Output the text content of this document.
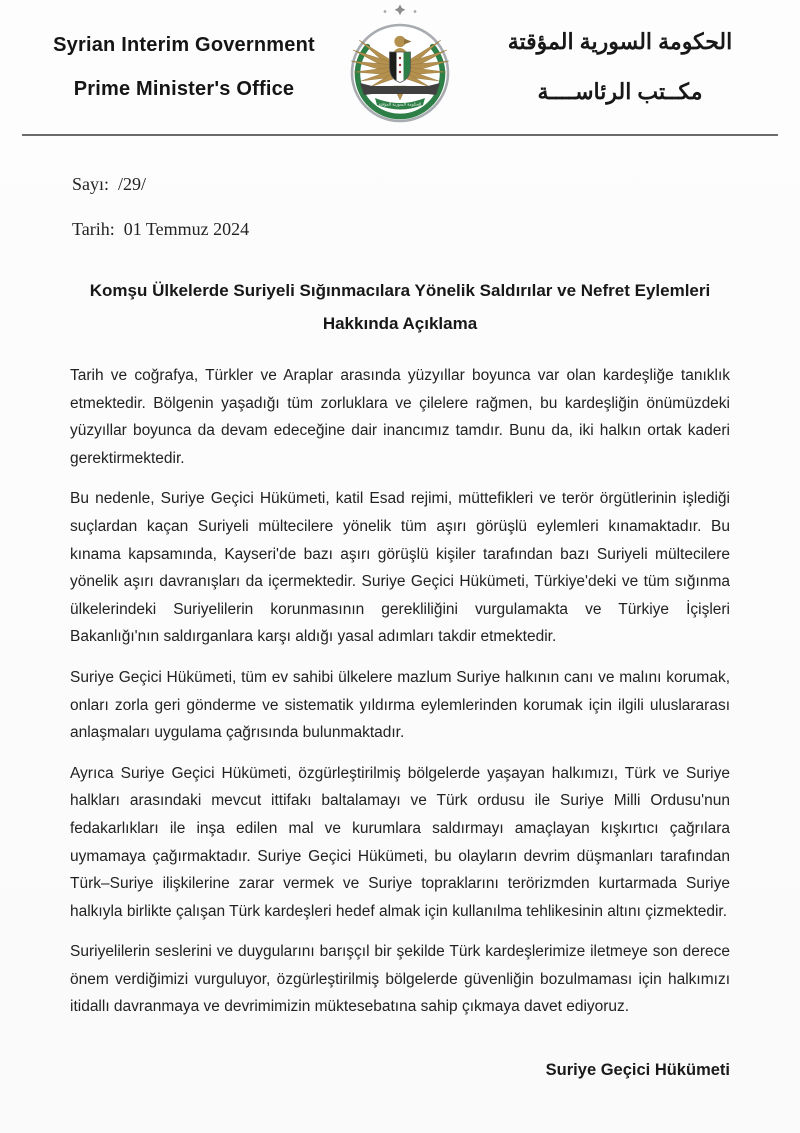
Syrian Interim Government
Prime Minister's Office
الحكومة السورية المؤقتة
الحكومة السورية المؤقتة
مكــتب الرئاســــة
Sayı: /29/
Tarih: 01 Temmuz 2024
Komşu Ülkelerde Suriyeli Sığınmacılara Yönelik Saldırılar ve Nefret Eylemleri
Hakkında Açıklama

Tarih ve coğrafya, Türkler ve Araplar arasında yüzyıllar boyunca var olan kardeşliğe tanıklık etmektedir. Bölgenin yaşadığı tüm zorluklara ve çilelere rağmen, bu kardeşliğin önümüzdeki yüzyıllar boyunca da devam edeceğine dair inancımız tamdır. Bunu da, iki halkın ortak kaderi gerektirmektedir.

Bu nedenle, Suriye Geçici Hükümeti, katil Esad rejimi, müttefikleri ve terör örgütlerinin işlediği suçlardan kaçan Suriyeli mültecilere yönelik tüm aşırı görüşlü eylemleri kınamaktadır. Bu kınama kapsamında, Kayseri'de bazı aşırı görüşlü kişiler tarafından bazı Suriyeli mültecilere yönelik aşırı davranışları da içermektedir. Suriye Geçici Hükümeti, Türkiye'deki ve tüm sığınma ülkelerindeki Suriyelilerin korunmasının gerekliliğini vurgulamakta ve Türkiye İçişleri Bakanlığı'nın saldırganlara karşı aldığı yasal adımları takdir etmektedir.

Suriye Geçici Hükümeti, tüm ev sahibi ülkelere mazlum Suriye halkının canı ve malını korumak, onları zorla geri gönderme ve sistematik yıldırma eylemlerinden korumak için ilgili uluslararası anlaşmaları uygulama çağrısında bulunmaktadır.

Ayrıca Suriye Geçici Hükümeti, özgürleştirilmiş bölgelerde yaşayan halkımızı, Türk ve Suriye halkları arasındaki mevcut ittifakı baltalamayı ve Türk ordusu ile Suriye Milli Ordusu'nun fedakarlıkları ile inşa edilen mal ve kurumlara saldırmayı amaçlayan kışkırtıcı çağrılara uymamaya çağırmaktadır. Suriye Geçici Hükümeti, bu olayların devrim düşmanları tarafından Türk–Suriye ilişkilerine zarar vermek ve Suriye topraklarını terörizmden kurtarmada Suriye halkıyla birlikte çalışan Türk kardeşleri hedef almak için kullanılma tehlikesinin altını çizmektedir.

Suriyelilerin seslerini ve duygularını barışçıl bir şekilde Türk kardeşlerimize iletmeye son derece önem verdiğimizi vurguluyor, özgürleştirilmiş bölgelerde güvenliğin bozulmaması için halkımızı itidallı davranmaya ve devrimimizin müktesebatına sahip çıkmaya davet ediyoruz.

Suriye Geçici Hükümeti
